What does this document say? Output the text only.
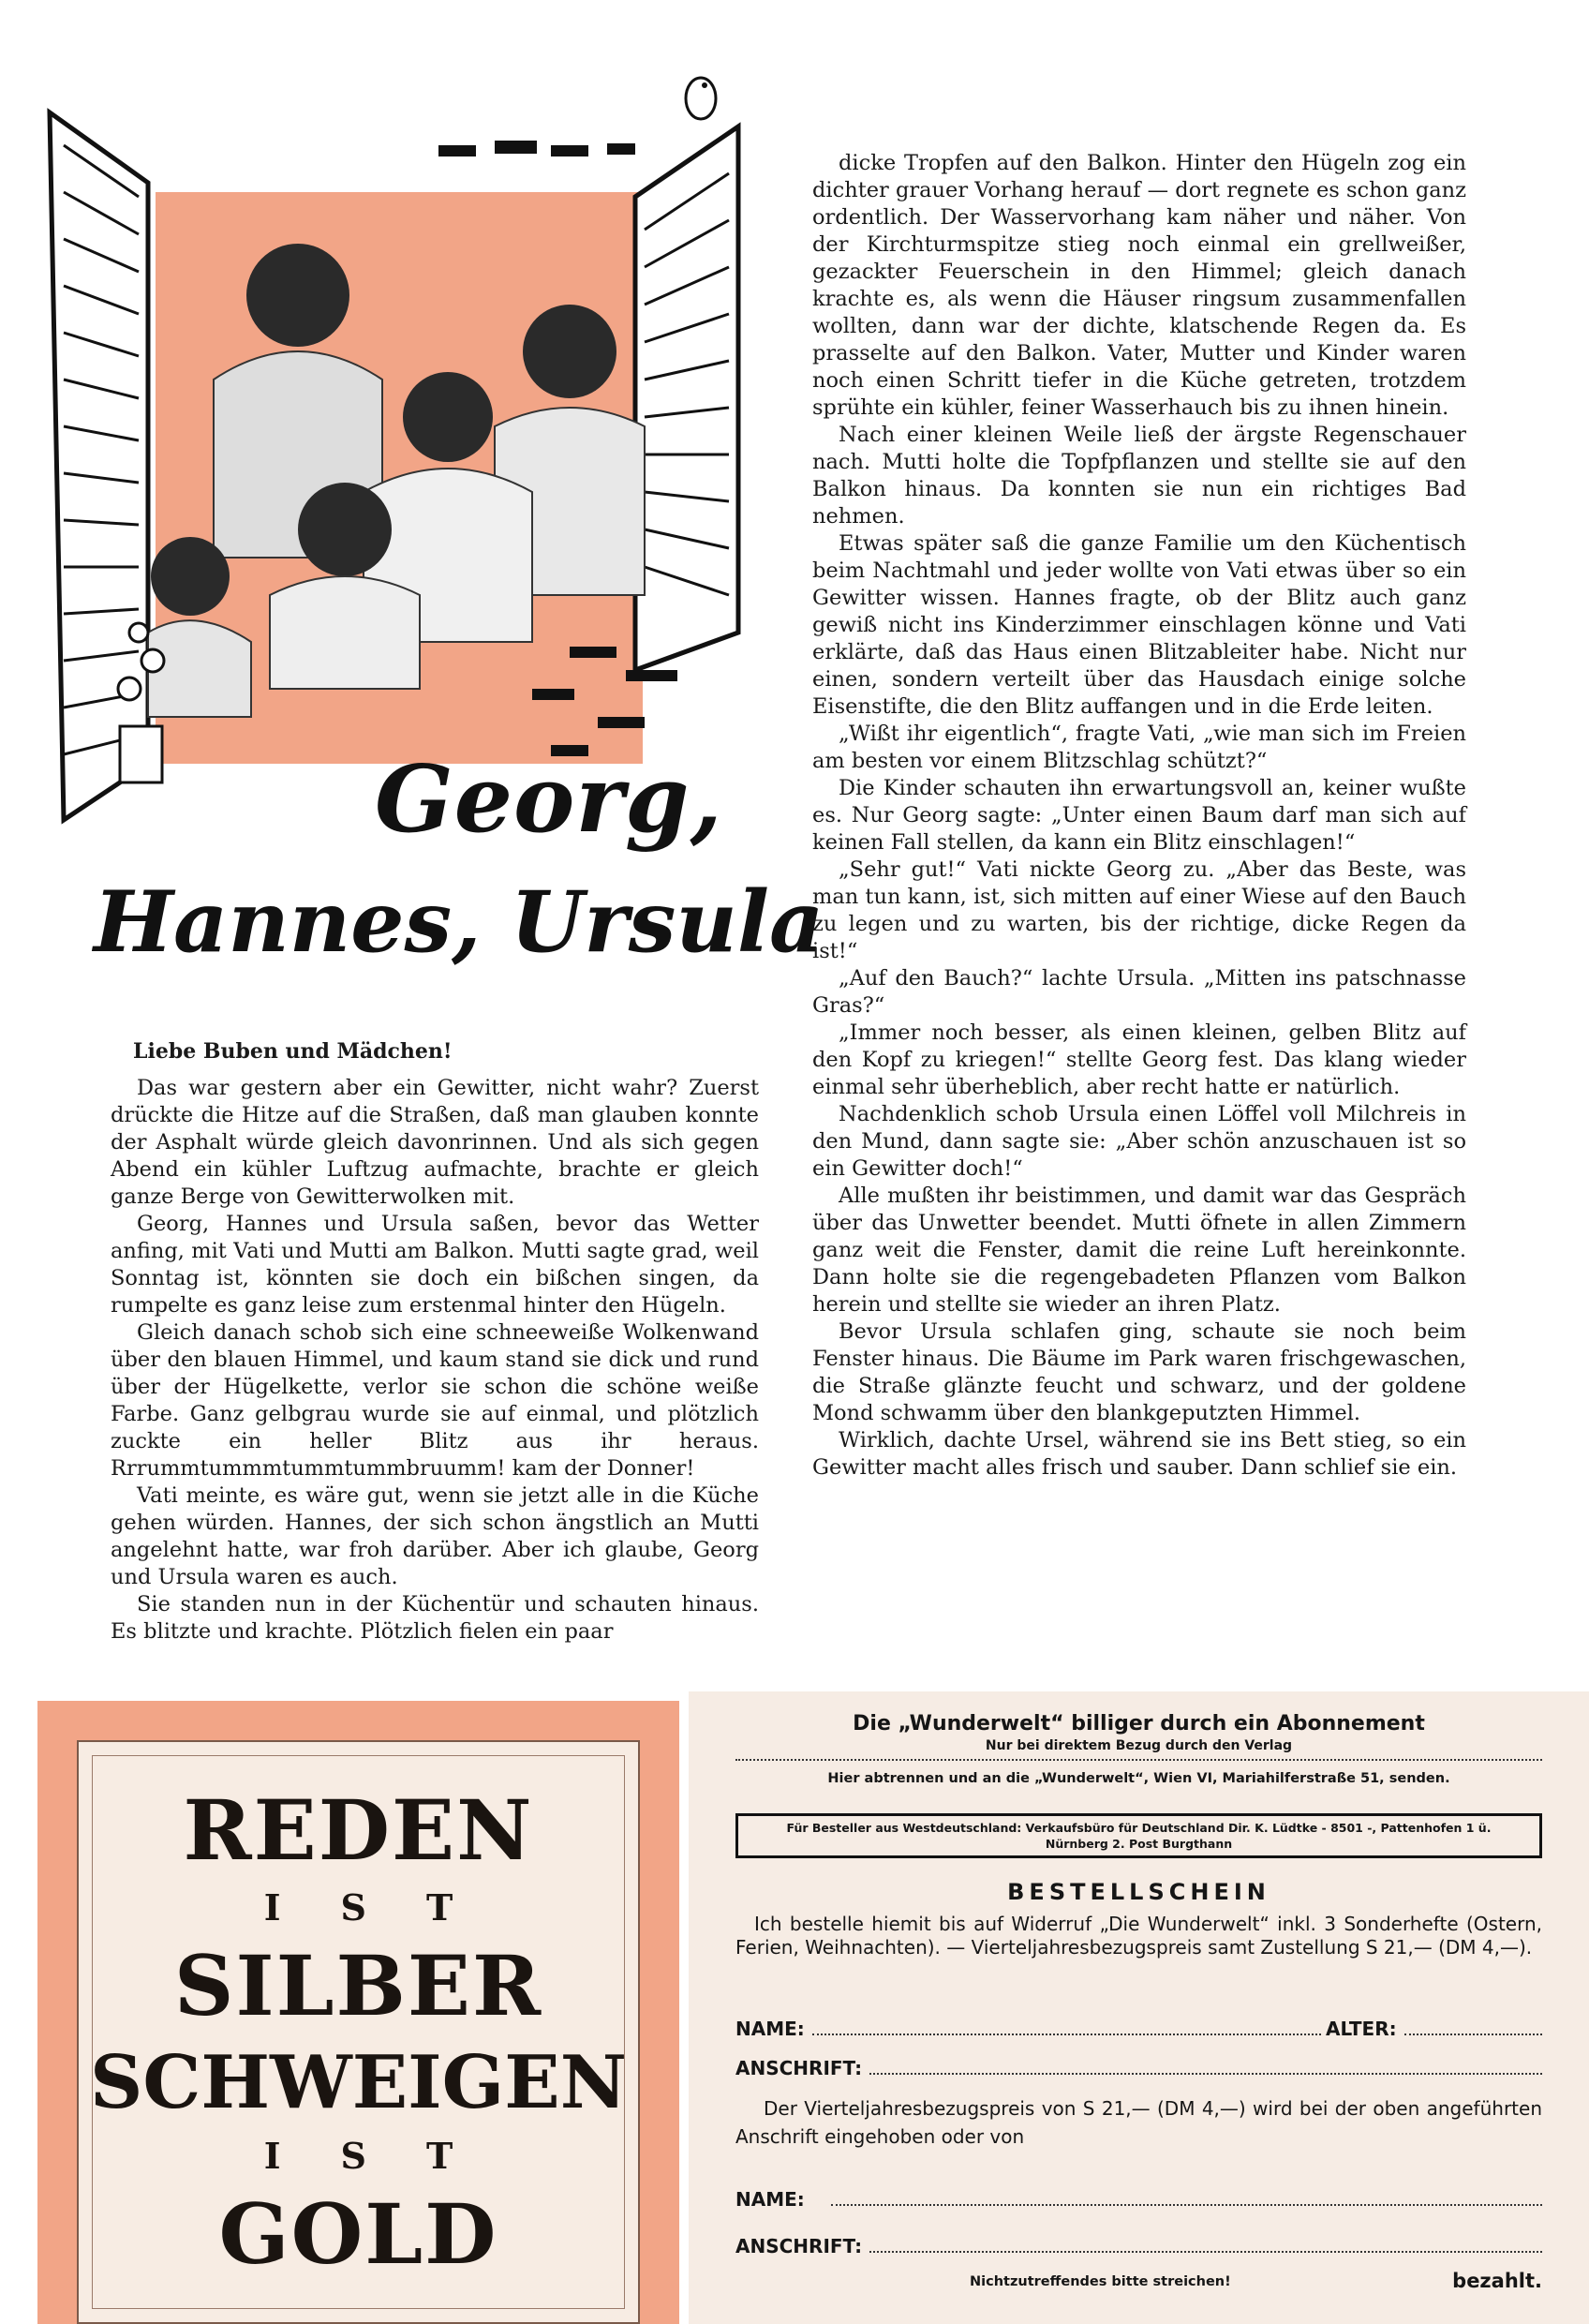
Georg,
Hannes, Ursula

Liebe Buben und Mädchen!

Das war gestern aber ein Gewitter, nicht wahr? Zuerst drückte die Hitze auf die Straßen, daß man glauben konnte der Asphalt würde gleich davonrinnen. Und als sich gegen Abend ein kühler Luftzug aufmachte, brachte er gleich ganze Berge von Gewitterwolken mit.

Georg, Hannes und Ursula saßen, bevor das Wetter anfing, mit Vati und Mutti am Balkon. Mutti sagte grad, weil Sonntag ist, könnten sie doch ein bißchen singen, da rumpelte es ganz leise zum erstenmal hinter den Hügeln.

Gleich danach schob sich eine schneeweiße Wolkenwand über den blauen Himmel, und kaum stand sie dick und rund über der Hügelkette, verlor sie schon die schöne weiße Farbe. Ganz gelbgrau wurde sie auf einmal, und plötzlich zuckte ein heller Blitz aus ihr heraus. Rrrummtummmtummtummbruumm! kam der Donner!

Vati meinte, es wäre gut, wenn sie jetzt alle in die Küche gehen würden. Hannes, der sich schon ängstlich an Mutti angelehnt hatte, war froh darüber. Aber ich glaube, Georg und Ursula waren es auch.

Sie standen nun in der Küchentür und schauten hinaus. Es blitzte und krachte. Plötzlich fielen ein paar

dicke Tropfen auf den Balkon. Hinter den Hügeln zog ein dichter grauer Vorhang herauf — dort regnete es schon ganz ordentlich. Der Wasservorhang kam näher und näher. Von der Kirchturmspitze stieg noch einmal ein grellweißer, gezackter Feuerschein in den Himmel; gleich danach krachte es, als wenn die Häuser ringsum zusammenfallen wollten, dann war der dichte, klatschende Regen da. Es prasselte auf den Balkon. Vater, Mutter und Kinder waren noch einen Schritt tiefer in die Küche getreten, trotzdem sprühte ein kühler, feiner Wasserhauch bis zu ihnen hinein.

Nach einer kleinen Weile ließ der ärgste Regenschauer nach. Mutti holte die Topfpflanzen und stellte sie auf den Balkon hinaus. Da konnten sie nun ein richtiges Bad nehmen.

Etwas später saß die ganze Familie um den Küchentisch beim Nachtmahl und jeder wollte von Vati etwas über so ein Gewitter wissen. Hannes fragte, ob der Blitz auch ganz gewiß nicht ins Kinderzimmer einschlagen könne und Vati erklärte, daß das Haus einen Blitzableiter habe. Nicht nur einen, sondern verteilt über das Hausdach einige solche Eisenstifte, die den Blitz auffangen und in die Erde leiten.

„Wißt ihr eigentlich“, fragte Vati, „wie man sich im Freien am besten vor einem Blitzschlag schützt?“

Die Kinder schauten ihn erwartungsvoll an, keiner wußte es. Nur Georg sagte: „Unter einen Baum darf man sich auf keinen Fall stellen, da kann ein Blitz einschlagen!“

„Sehr gut!“ Vati nickte Georg zu. „Aber das Beste, was man tun kann, ist, sich mitten auf einer Wiese auf den Bauch zu legen und zu warten, bis der richtige, dicke Regen da ist!“

„Auf den Bauch?“ lachte Ursula. „Mitten ins patschnasse Gras?“

„Immer noch besser, als einen kleinen, gelben Blitz auf den Kopf zu kriegen!“ stellte Georg fest. Das klang wieder einmal sehr überheblich, aber recht hatte er natürlich.

Nachdenklich schob Ursula einen Löffel voll Milchreis in den Mund, dann sagte sie: „Aber schön anzuschauen ist so ein Gewitter doch!“

Alle mußten ihr beistimmen, und damit war das Gespräch über das Unwetter beendet. Mutti öfnete in allen Zimmern ganz weit die Fenster, damit die reine Luft hereinkonnte. Dann holte sie die regengebadeten Pflanzen vom Balkon herein und stellte sie wieder an ihren Platz.

Bevor Ursula schlafen ging, schaute sie noch beim Fenster hinaus. Die Bäume im Park waren frischgewaschen, die Straße glänzte feucht und schwarz, und der goldene Mond schwamm über den blankgeputzten Himmel.

Wirklich, dachte Ursel, während sie ins Bett stieg, so ein Gewitter macht alles frisch und sauber. Dann schlief sie ein.

REDEN
IST
SILBER
SCHWEIGEN
IST
GOLD
Die „Wunderwelt“ billiger durch ein Abonnement
Nur bei direktem Bezug durch den Verlag
Hier abtrennen und an die „Wunderwelt“, Wien VI, Mariahilferstraße 51, senden.
Für Besteller aus Westdeutschland: Verkaufsbüro für Deutschland Dir. K. Lüdtke - 8501 -, Pattenhofen 1 ü. Nürnberg 2. Post Burgthann
BESTELLSCHEIN
Ich bestelle hiemit bis auf Widerruf „Die Wunderwelt“ inkl. 3 Sonderhefte (Ostern, Ferien, Weihnachten). — Vierteljahresbezugspreis samt Zustellung S 21,— (DM 4,—).
NAME:	ALTER:
ANSCHRIFT:
Der Vierteljahresbezugspreis von S 21,— (DM 4,—) wird bei der oben angeführten Anschrift eingehoben oder von
NAME:
ANSCHRIFT:
Nichtzutreffendes bitte streichen!	bezahlt.
